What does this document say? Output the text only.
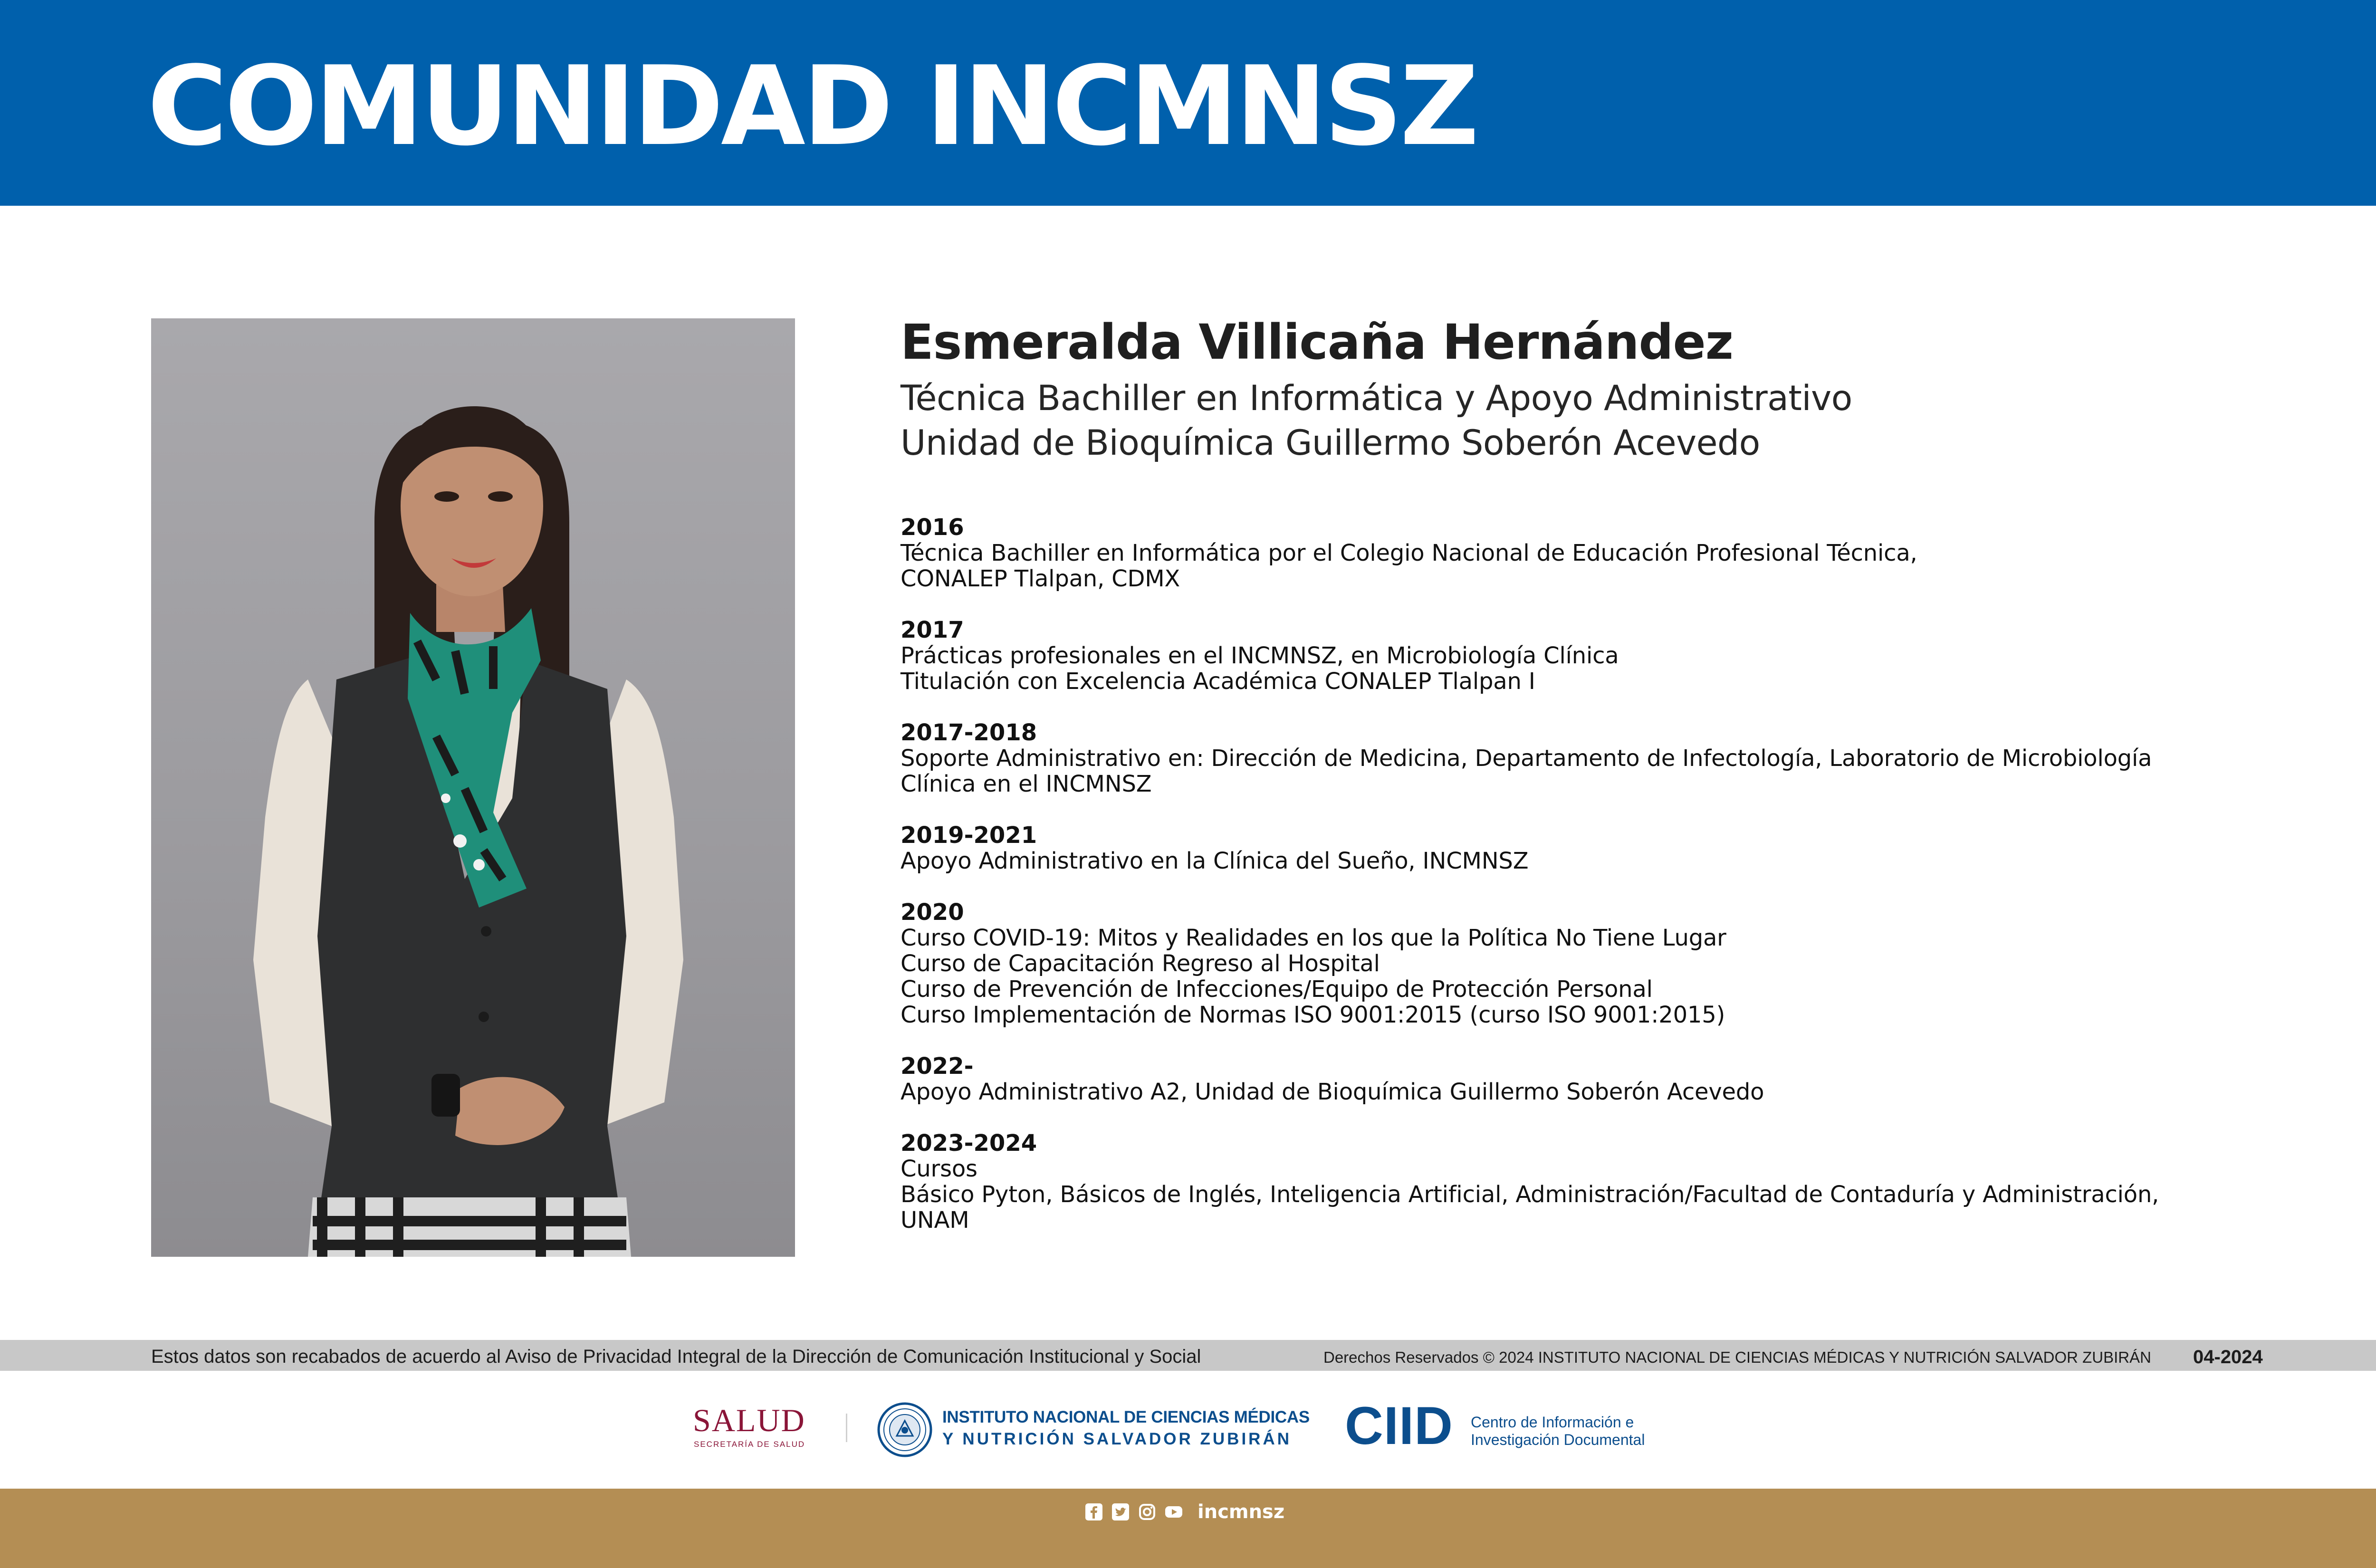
COMUNIDAD INCMNSZ
Esmeralda Villicaña Hernández

Técnica Bachiller en Informática y Apoyo Administrativo

Unidad de Bioquímica Guillermo Soberón Acevedo

2016
Técnica Bachiller en Informática por el Colegio Nacional de Educación Profesional Técnica,
CONALEP Tlalpan, CDMX
2017
Prácticas profesionales en el INCMNSZ, en Microbiología Clínica
Titulación con Excelencia Académica CONALEP Tlalpan I
2017-2018
Soporte Administrativo en: Dirección de Medicina, Departamento de Infectología, Laboratorio de Microbiología
Clínica en el INCMNSZ
2019-2021
Apoyo Administrativo en la Clínica del Sueño, INCMNSZ
2020
Curso COVID-19: Mitos y Realidades en los que la Política No Tiene Lugar
Curso de Capacitación Regreso al Hospital
Curso de Prevención de Infecciones/Equipo de Protección Personal
Curso Implementación de Normas ISO 9001:2015 (curso ISO 9001:2015)
2022-
Apoyo Administrativo A2, Unidad de Bioquímica Guillermo Soberón Acevedo
2023-2024
Cursos
Básico Pyton, Básicos de Inglés, Inteligencia Artificial, Administración/Facultad de Contaduría y Administración,
UNAM
Estos datos son recabados de acuerdo al Aviso de Privacidad Integral de la Dirección de Comunicación Institucional y Social	Derechos Reservados © 2024 INSTITUTO NACIONAL DE CIENCIAS MÉDICAS Y NUTRICIÓN SALVADOR ZUBIRÁN 04-2024
SALUD
SECRETARÍA DE SALUD
INSTITUTO NACIONAL DE CIENCIAS MÉDICAS
Y NUTRICIÓN SALVADOR ZUBIRÁN CIID Centro de Información e
Investigación Documental
incmnsz
